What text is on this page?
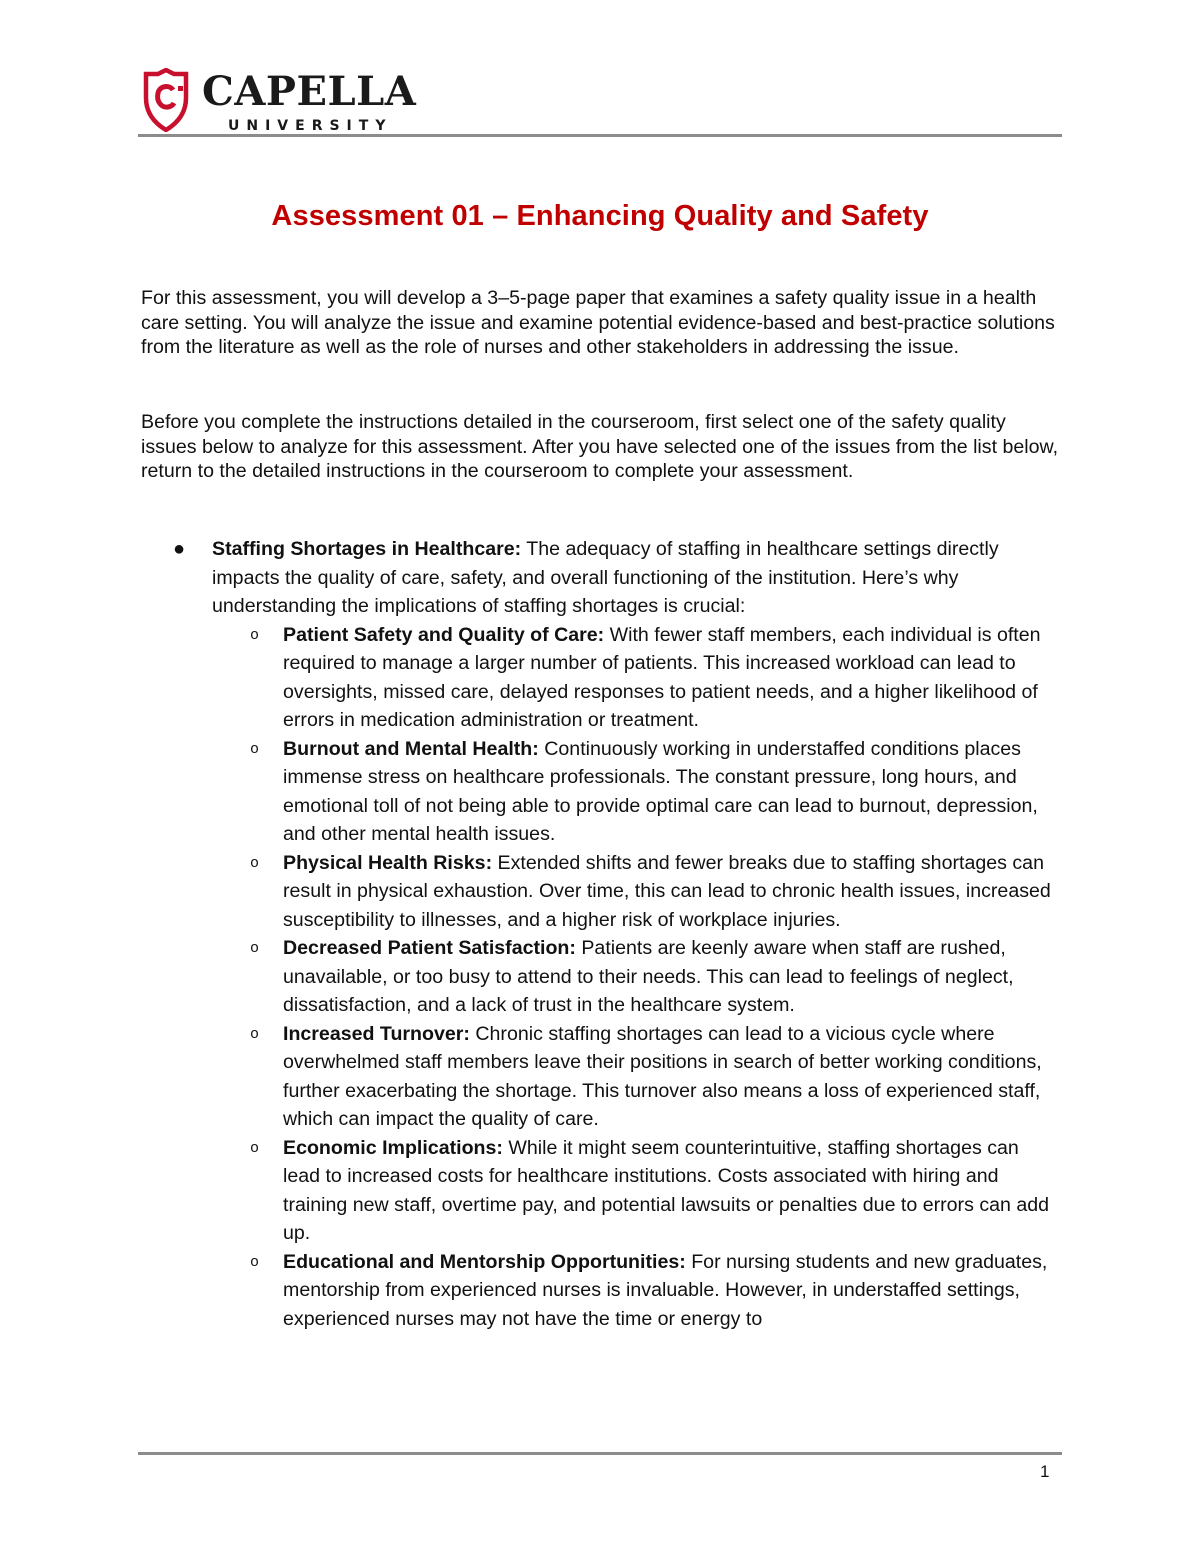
CAPELLA
UNIVERSITY
Assessment 01 – Enhancing Quality and Safety

For this assessment, you will develop a 3–5-page paper that examines a safety quality issue in a health care setting. You will analyze the issue and examine potential evidence-based and best-practice solutions from the literature as well as the role of nurses and other stakeholders in addressing the issue.

Before you complete the instructions detailed in the courseroom, first select one of the safety quality issues below to analyze for this assessment. After you have selected one of the issues from the list below, return to the detailed instructions in the courseroom to complete your assessment.

● Staffing Shortages in Healthcare: The adequacy of staffing in healthcare settings directly impacts the quality of care, safety, and overall functioning of the institution. Here’s why understanding the implications of staffing shortages is crucial:
o Patient Safety and Quality of Care: With fewer staff members, each individual is often required to manage a larger number of patients. This increased workload can lead to oversights, missed care, delayed responses to patient needs, and a higher likelihood of errors in medication administration or treatment.
o Burnout and Mental Health: Continuously working in understaffed conditions places immense stress on healthcare professionals. The constant pressure, long hours, and emotional toll of not being able to provide optimal care can lead to burnout, depression, and other mental health issues.
o Physical Health Risks: Extended shifts and fewer breaks due to staffing shortages can result in physical exhaustion. Over time, this can lead to chronic health issues, increased susceptibility to illnesses, and a higher risk of workplace injuries.
o Decreased Patient Satisfaction: Patients are keenly aware when staff are rushed, unavailable, or too busy to attend to their needs. This can lead to feelings of neglect, dissatisfaction, and a lack of trust in the healthcare system.
o Increased Turnover: Chronic staffing shortages can lead to a vicious cycle where overwhelmed staff members leave their positions in search of better working conditions, further exacerbating the shortage. This turnover also means a loss of experienced staff, which can impact the quality of care.
o Economic Implications: While it might seem counterintuitive, staffing shortages can lead to increased costs for healthcare institutions. Costs associated with hiring and training new staff, overtime pay, and potential lawsuits or penalties due to errors can add up.
o Educational and Mentorship Opportunities: For nursing students and new graduates, mentorship from experienced nurses is invaluable. However, in understaffed settings, experienced nurses may not have the time or energy to
1
